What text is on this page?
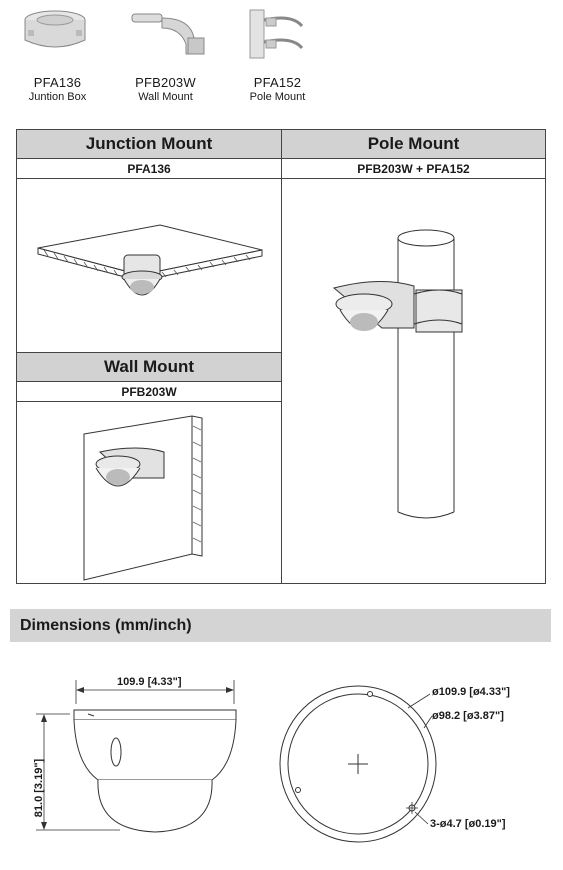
PFA136
Juntion Box
PFB203W
Wall Mount
PFA152
Pole Mount
Junction Mount	Pole Mount
PFA136	PFB203W + PFA152
Wall Mount
PFB203W
Dimensions (mm/inch)
109.9 [4.33"]
81.0 [3.19"]
ø109.9 [ø4.33"]
ø98.2 [ø3.87"]
3-ø4.7 [ø0.19"]
